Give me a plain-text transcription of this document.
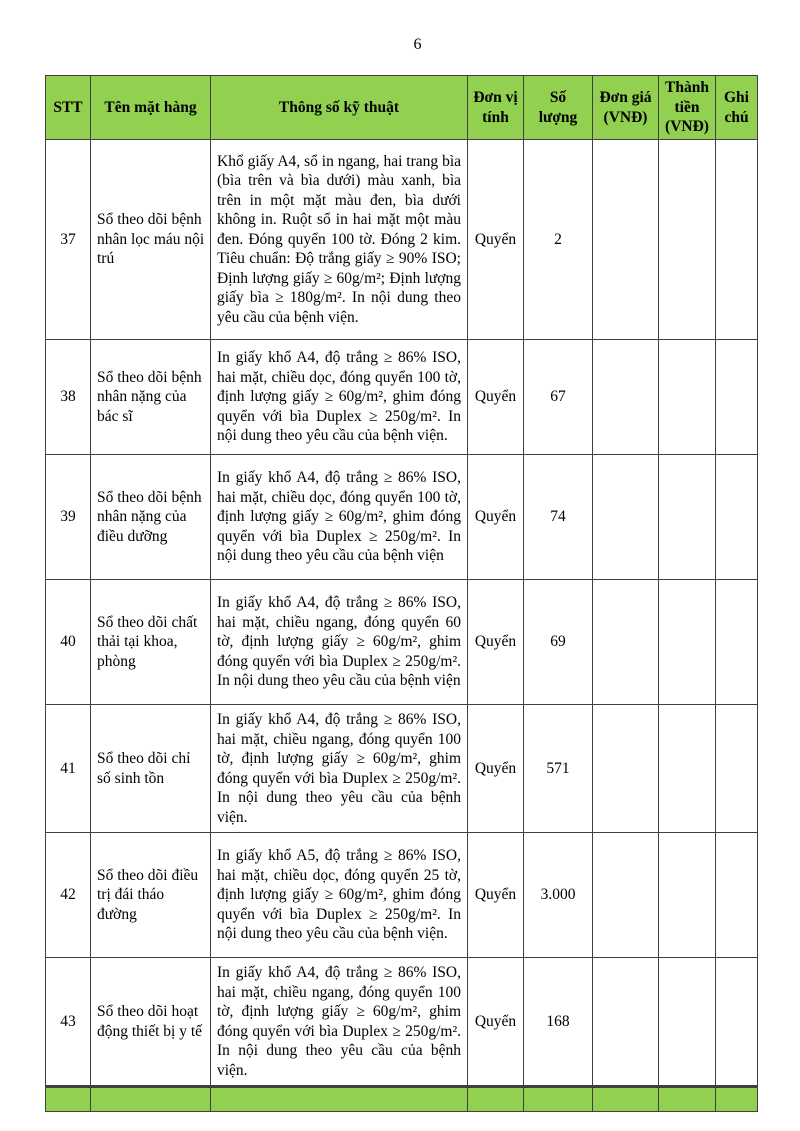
6
STT	Tên mặt hàng	Thông số kỹ thuật	Đơn vị tính	Số lượng	Đơn giá (VNĐ)	Thành tiền (VNĐ)	Ghi chú
37	Sổ theo dõi bệnh nhân lọc máu nội trú	Khổ giấy A4, sổ in ngang, hai trang bìa (bìa trên và bìa dưới) màu xanh, bìa trên in một mặt màu đen, bìa dưới không in. Ruột sổ in hai mặt một màu đen. Đóng quyển 100 tờ. Đóng 2 kim. Tiêu chuẩn: Độ trắng giấy ≥ 90% ISO; Định lượng giấy ≥ 60g/m²; Định lượng giấy bìa ≥ 180g/m². In nội dung theo yêu cầu của bệnh viện.	Quyển	2			
38	Sổ theo dõi bệnh nhân nặng của bác sĩ	In giấy khổ A4, độ trắng ≥ 86% ISO, hai mặt, chiều dọc, đóng quyển 100 tờ, định lượng giấy ≥ 60g/m², ghim đóng quyển với bìa Duplex ≥ 250g/m². In nội dung theo yêu cầu của bệnh viện.	Quyển	67			
39	Sổ theo dõi bệnh nhân nặng của điều dưỡng	In giấy khổ A4, độ trắng ≥ 86% ISO, hai mặt, chiều dọc, đóng quyển 100 tờ, định lượng giấy ≥ 60g/m², ghim đóng quyển với bìa Duplex ≥ 250g/m². In nội dung theo yêu cầu của bệnh viện	Quyển	74			
40	Sổ theo dõi chất thải tại khoa, phòng	In giấy khổ A4, độ trắng ≥ 86% ISO, hai mặt, chiều ngang, đóng quyển 60 tờ, định lượng giấy ≥ 60g/m², ghim đóng quyển với bìa Duplex ≥ 250g/m². In nội dung theo yêu cầu của bệnh viện	Quyển	69			
41	Sổ theo dõi chỉ số sinh tồn	In giấy khổ A4, độ trắng ≥ 86% ISO, hai mặt, chiều ngang, đóng quyển 100 tờ, định lượng giấy ≥ 60g/m², ghim đóng quyển với bìa Duplex ≥ 250g/m². In nội dung theo yêu cầu của bệnh viện.	Quyển	571			
42	Sổ theo dõi điều trị đái tháo đường	In giấy khổ A5, độ trắng ≥ 86% ISO, hai mặt, chiều dọc, đóng quyển 25 tờ, định lượng giấy ≥ 60g/m², ghim đóng quyển với bìa Duplex ≥ 250g/m². In nội dung theo yêu cầu của bệnh viện.	Quyển	3.000			
43	Sổ theo dõi hoạt động thiết bị y tế	In giấy khổ A4, độ trắng ≥ 86% ISO, hai mặt, chiều ngang, đóng quyển 100 tờ, định lượng giấy ≥ 60g/m², ghim đóng quyển với bìa Duplex ≥ 250g/m². In nội dung theo yêu cầu của bệnh viện.	Quyển	168			
